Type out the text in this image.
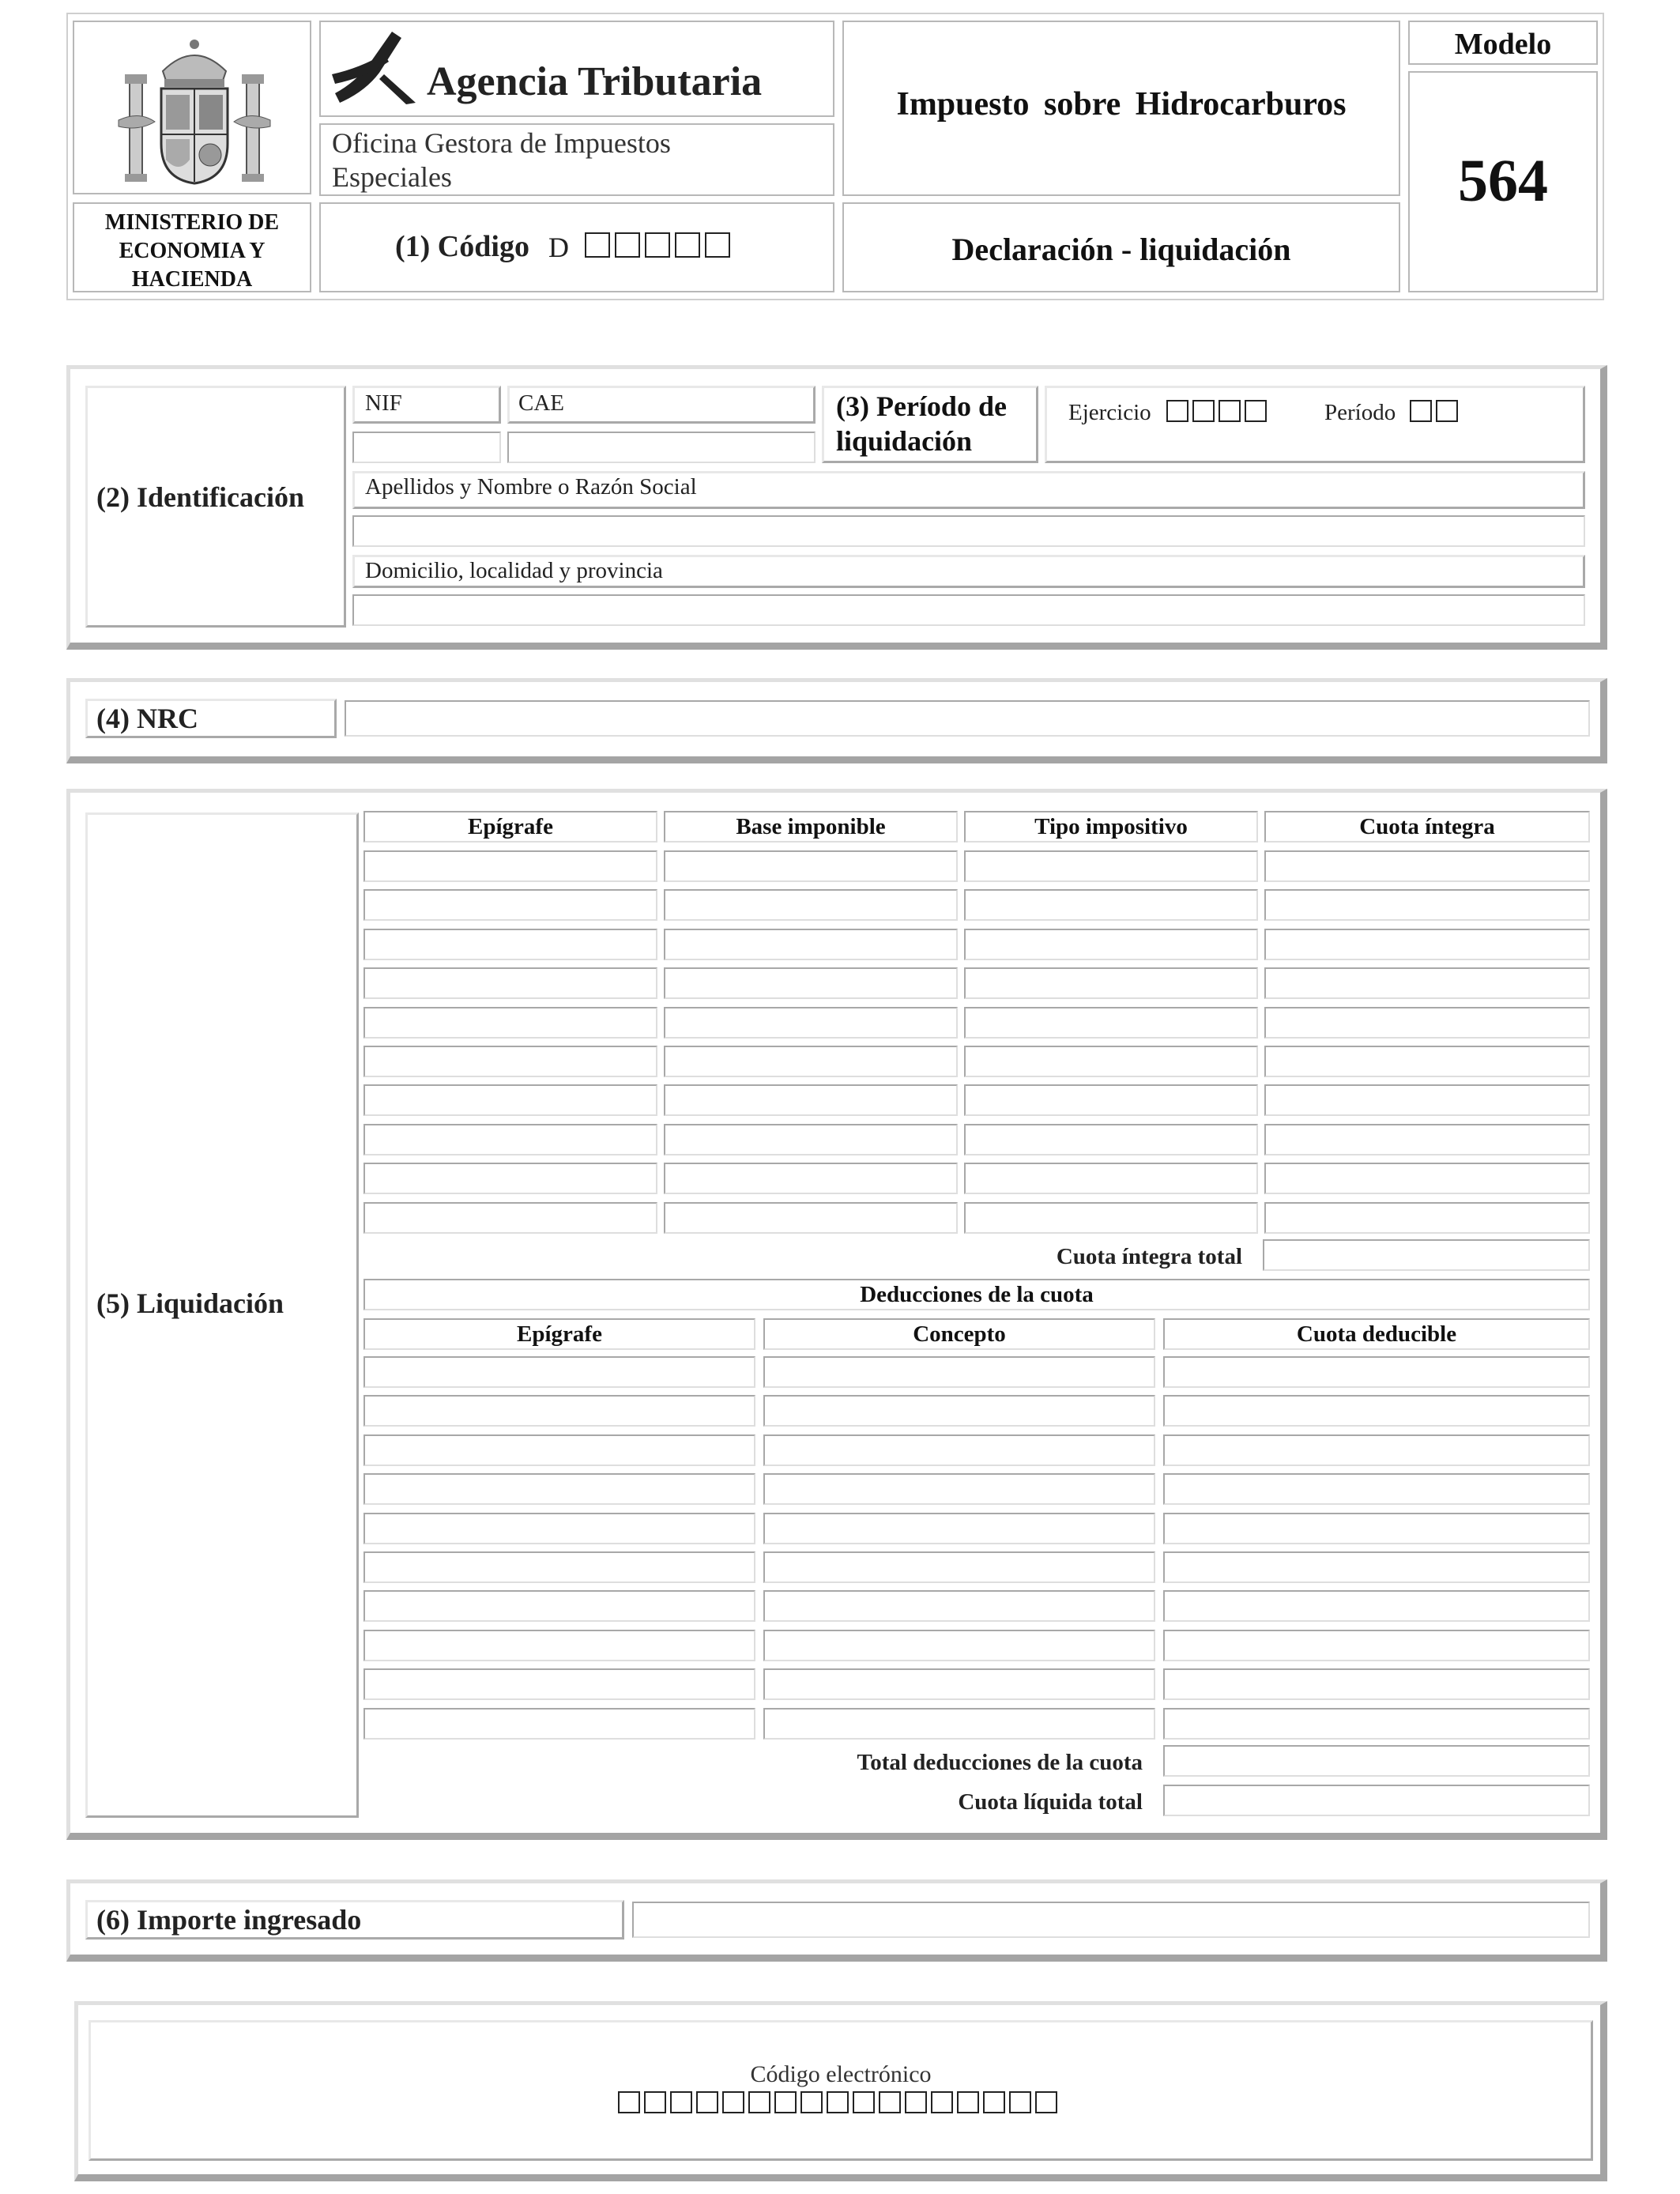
MINISTERIO DE ECONOMIA Y HACIENDA
Agencia Tributaria
Oficina Gestora de Impuestos Especiales
(1) Código D
Impuesto sobre Hidrocarburos
Declaración - liquidación
Modelo
564
(2) Identificación
NIF	CAE	(3) Período de liquidación
Ejercicio	Período
Apellidos y Nombre o Razón Social
Domicilio, localidad y provincia
(4) NRC
(5) Liquidación
Cuota íntegra total
Deducciones de la cuota
Total deducciones de la cuota
Cuota líquida total
(6) Importe ingresado
Código electrónico
Epígrafe	Base imponible	Tipo impositivo	Cuota íntegra
Epígrafe	Concepto	Cuota deducible
